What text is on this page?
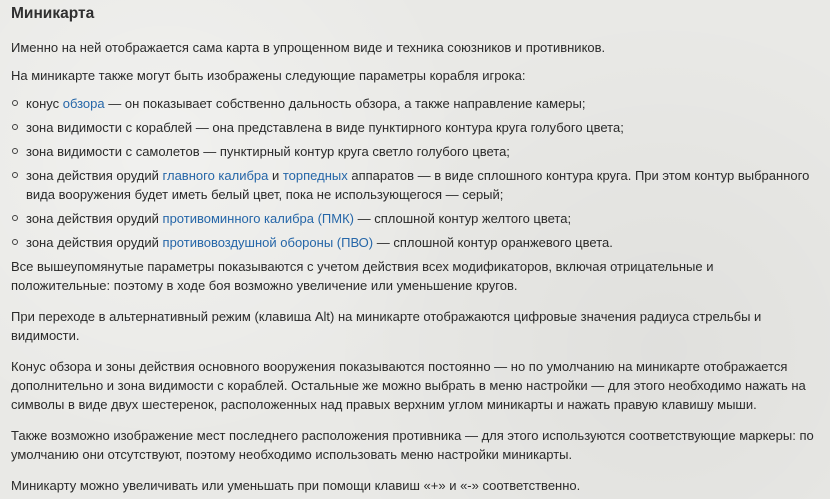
Миникарта

Именно на ней отображается сама карта в упрощенном виде и техника союзников и противников.

На миникарте также могут быть изображены следующие параметры корабля игрока:

конус обзора — он показывает собственно дальность обзора, а также направление камеры;
зона видимости с кораблей — она представлена в виде пунктирного контура круга голубого цвета;
зона видимости с самолетов — пунктирный контур круга светло голубого цвета;
зона действия орудий главного калибра и торпедных аппаратов — в виде сплошного контура круга. При этом контур выбранного вида вооружения будет иметь белый цвет, пока не использующегося — серый;
зона действия орудий противоминного калибра (ПМК) — сплошной контур желтого цвета;
зона действия орудий противовоздушной обороны (ПВО) — сплошной контур оранжевого цвета.

Все вышеупомянутые параметры показываются с учетом действия всех модификаторов, включая отрицательные и положительные: поэтому в ходе боя возможно увеличение или уменьшение кругов.

При переходе в альтернативный режим (клавиша Alt) на миникарте отображаются цифровые значения радиуса стрельбы и видимости.

Конус обзора и зоны действия основного вооружения показываются постоянно — но по умолчанию на миникарте отображается дополнительно и зона видимости с кораблей. Остальные же можно выбрать в меню настройки — для этого необходимо нажать на символы в виде двух шестеренок, расположенных над правых верхним углом миникарты и нажать правую клавишу мыши.

Также возможно изображение мест последнего расположения противника — для этого используются соответствующие маркеры: по умолчанию они отсутствуют, поэтому необходимо использовать меню настройки миникарты.

Миникарту можно увеличивать или уменьшать при помощи клавиш «+» и «-» соответственно.
